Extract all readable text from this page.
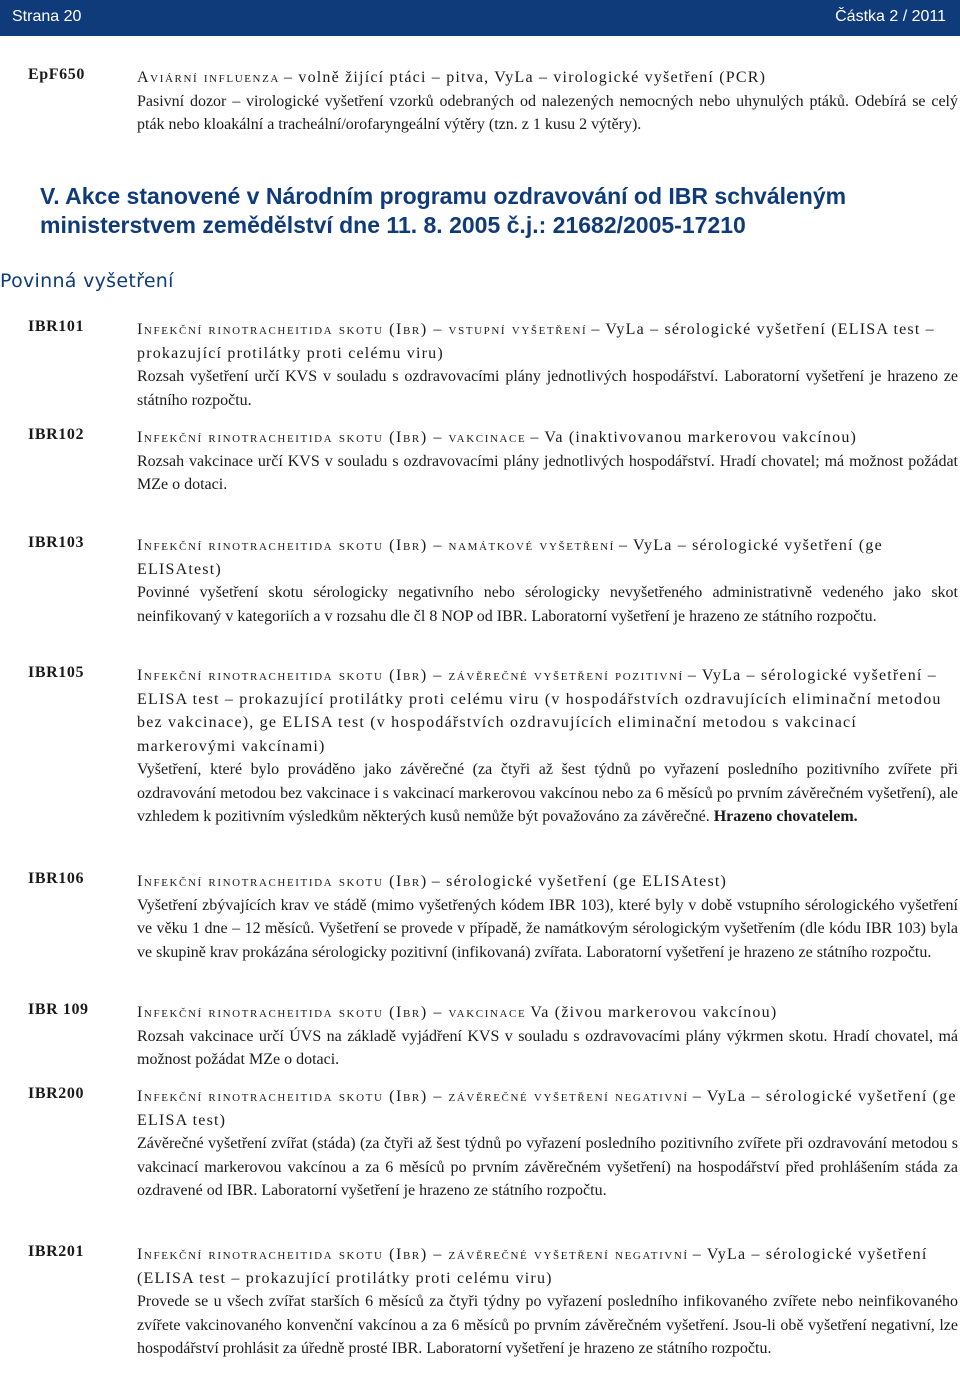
Strana 20	Částka 2 / 2011
EpF650	Aviární influenza – volně žijící ptáci – pitva, VyLa – virologické vyšetření (PCR)
Pasivní dozor – virologické vyšetření vzorků odebraných od nalezených nemocných nebo uhynulých ptáků. Odebírá se celý pták nebo kloakální a tracheální/orofaryngeální výtěry (tzn. z 1 kusu 2 výtěry).
V. Akce stanovené v Národním programu ozdravování od IBR schváleným ministerstvem zemědělství dne 11. 8. 2005 č.j.: 21682/2005-17210
Povinná vyšetření
IBR101	Infekční rinotracheitida skotu (Ibr) – vstupní vyšetření – VyLa – sérologické vyšetření (ELISA test – prokazující protilátky proti celému viru)
Rozsah vyšetření určí KVS v souladu s ozdravovacími plány jednotlivých hospodářství. Laboratorní vyšetření je hrazeno ze státního rozpočtu.
IBR102	Infekční rinotracheitida skotu (Ibr) – vakcinace – Va (inaktivovanou markerovou vakcínou)
Rozsah vakcinace určí KVS v souladu s ozdravovacími plány jednotlivých hospodářství. Hradí chovatel; má možnost požádat MZe o dotaci.
IBR103	Infekční rinotracheitida skotu (Ibr) – namátkové vyšetření – VyLa – sérologické vyšetření (ge ELISAtest)
Povinné vyšetření skotu sérologicky negativního nebo sérologicky nevyšetřeného administrativně vedeného jako skot neinfikovaný v kategoriích a v rozsahu dle čl 8 NOP od IBR. Laboratorní vyšetření je hrazeno ze státního rozpočtu.
IBR105	Infekční rinotracheitida skotu (Ibr) – závěrečné vyšetření pozitivní – VyLa – sérologické vyšetření – ELISA test – prokazující protilátky proti celému viru (v hospodářstvích ozdravujících eliminační metodou bez vakcinace), ge ELISA test (v hospodářstvích ozdravujících eliminační metodou s vakcinací markerovými vakcínami)
Vyšetření, které bylo prováděno jako závěrečné (za čtyři až šest týdnů po vyřazení posledního pozitivního zvířete při ozdravování metodou bez vakcinace i s vakcinací markerovou vakcínou nebo za 6 měsíců po prvním závěrečném vyšetření), ale vzhledem k pozitivním výsledkům některých kusů nemůže být považováno za závěrečné. Hrazeno chovatelem.
IBR106	Infekční rinotracheitida skotu (Ibr) – sérologické vyšetření (ge ELISAtest)
Vyšetření zbývajících krav ve stádě (mimo vyšetřených kódem IBR 103), které byly v době vstupního sérologického vyšetření ve věku 1 dne – 12 měsíců. Vyšetření se provede v případě, že namátkovým sérologickým vyšetřením (dle kódu IBR 103) byla ve skupině krav prokázána sérologicky pozitivní (infikovaná) zvířata. Laboratorní vyšetření je hrazeno ze státního rozpočtu.
IBR 109	Infekční rinotracheitida skotu (Ibr) – vakcinace Va (živou markerovou vakcínou)
Rozsah vakcinace určí ÚVS na základě vyjádření KVS v souladu s ozdravovacími plány výkrmen skotu. Hradí chovatel, má možnost požádat MZe o dotaci.
IBR200	Infekční rinotracheitida skotu (Ibr) – závěrečné vyšetření negativní – VyLa – sérologické vyšetření (ge ELISA test)
Závěrečné vyšetření zvířat (stáda) (za čtyři až šest týdnů po vyřazení posledního pozitivního zvířete při ozdravování metodou s vakcinací markerovou vakcínou a za 6 měsíců po prvním závěrečném vyšetření) na hospodářství před prohlášením stáda za ozdravené od IBR. Laboratorní vyšetření je hrazeno ze státního rozpočtu.
IBR201	Infekční rinotracheitida skotu (Ibr) – závěrečné vyšetření negativní – VyLa – sérologické vyšetření (ELISA test – prokazující protilátky proti celému viru)
Provede se u všech zvířat starších 6 měsíců za čtyři týdny po vyřazení posledního infikovaného zvířete nebo neinfikovaného zvířete vakcinovaného konvenční vakcínou a za 6 měsíců po prvním závěrečném vyšetření. Jsou-li obě vyšetření negativní, lze hospodářství prohlásit za úředně prosté IBR. Laboratorní vyšetření je hrazeno ze státního rozpočtu.
